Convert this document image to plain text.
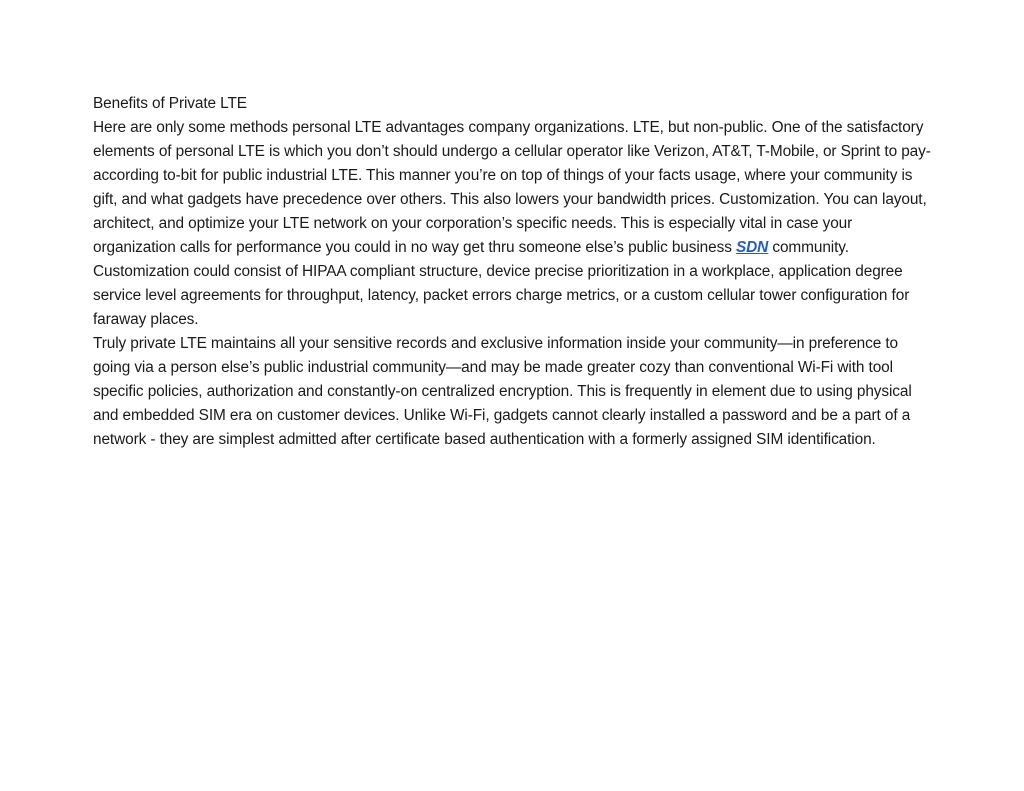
Benefits of Private LTE

Here are only some methods personal LTE advantages company organizations. LTE, but non-public. One of the satisfactory elements of personal LTE is which you don’t should undergo a cellular operator like Verizon, AT&T, T-Mobile, or Sprint to pay-according to-bit for public industrial LTE. This manner you’re on top of things of your facts usage, where your community is gift, and what gadgets have precedence over others. This also lowers your bandwidth prices. Customization. You can layout, architect, and optimize your LTE network on your corporation’s specific needs. This is especially vital in case your organization calls for performance you could in no way get thru someone else’s public business SDN community. Customization could consist of HIPAA compliant structure, device precise prioritization in a workplace, application degree service level agreements for throughput, latency, packet errors charge metrics, or a custom cellular tower configuration for faraway places.

Truly private LTE maintains all your sensitive records and exclusive information inside your community—in preference to going via a person else’s public industrial community—and may be made greater cozy than conventional Wi-Fi with tool specific policies, authorization and constantly-on centralized encryption. This is frequently in element due to using physical and embedded SIM era on customer devices. Unlike Wi-Fi, gadgets cannot clearly installed a password and be a part of a network - they are simplest admitted after certificate based authentication with a formerly assigned SIM identification.
